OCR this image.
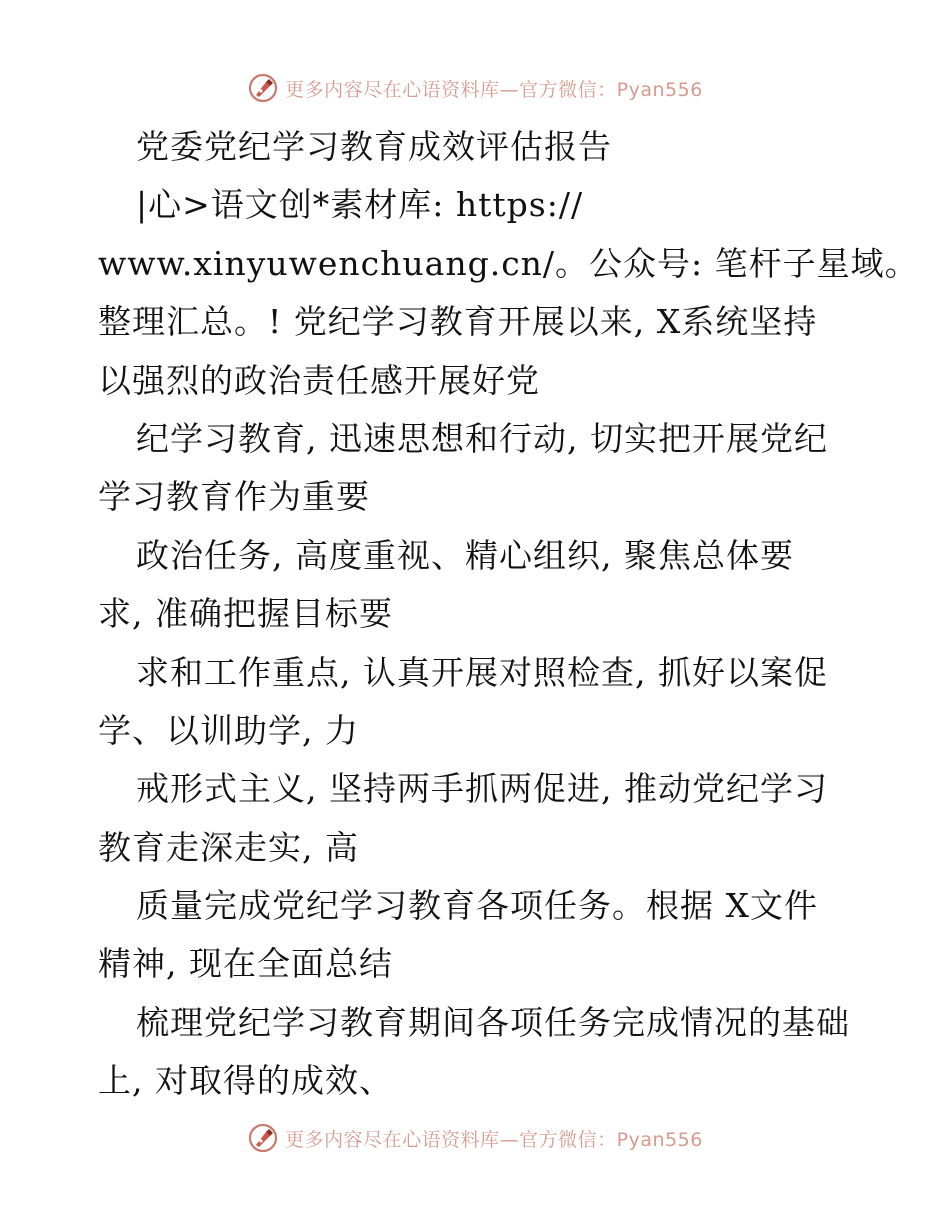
更多内容尽在心语资料库—官方微信：Pyan556
党委党纪学习教育成效评估报告
|心>语文创*素材库: https://
www.xinyuwenchuang.cn/。公众号: 笔杆子星域。
整理汇总。! 党纪学习教育开展以来, X系统坚持
以强烈的政治责任感开展好党
纪学习教育, 迅速思想和行动, 切实把开展党纪
学习教育作为重要
政治任务, 高度重视、精心组织, 聚焦总体要
求, 准确把握目标要
求和工作重点, 认真开展对照检查, 抓好以案促
学、以训助学, 力
戒形式主义, 坚持两手抓两促进, 推动党纪学习
教育走深走实, 高
质量完成党纪学习教育各项任务。根据 X文件
精神, 现在全面总结
梳理党纪学习教育期间各项任务完成情况的基础
上, 对取得的成效、
更多内容尽在心语资料库—官方微信：Pyan556
